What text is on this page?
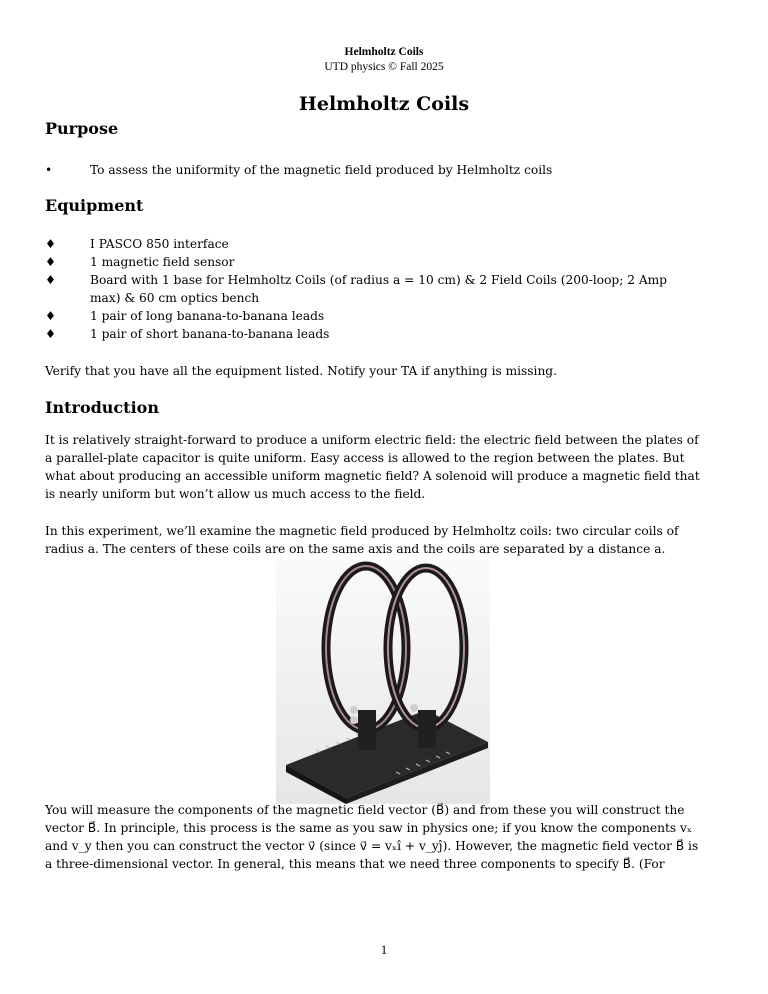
Helmholtz Coils
UTD physics © Fall 2025
Helmholtz Coils
Purpose
•	To assess the uniformity of the magnetic field produced by Helmholtz coils
Equipment
♦	I PASCO 850 interface
♦	1 magnetic field sensor
♦	Board with 1 base for Helmholtz Coils (of radius a = 10 cm) & 2 Field Coils (200-loop; 2 Amp
max) & 60 cm optics bench
♦	1 pair of long banana-to-banana leads
♦	1 pair of short banana-to-banana leads
Verify that you have all the equipment listed. Notify your TA if anything is missing.
Introduction
It is relatively straight-forward to produce a uniform electric field: the electric field between the plates of
a parallel-plate capacitor is quite uniform. Easy access is allowed to the region between the plates. But
what about producing an accessible uniform magnetic field? A solenoid will produce a magnetic field that
is nearly uniform but won’t allow us much access to the field.
In this experiment, we’ll examine the magnetic field produced by Helmholtz coils: two circular coils of
radius a. The centers of these coils are on the same axis and the coils are separated by a distance a.
You will measure the components of the magnetic field vector (B⃗) and from these you will construct the
vector B⃗. In principle, this process is the same as you saw in physics one; if you know the components vₓ
and v_y then you can construct the vector v⃗ (since v⃗ = vₓî + v_yĵ). However, the magnetic field vector B⃗ is
a three-dimensional vector. In general, this means that we need three components to specify B⃗. (For
1
